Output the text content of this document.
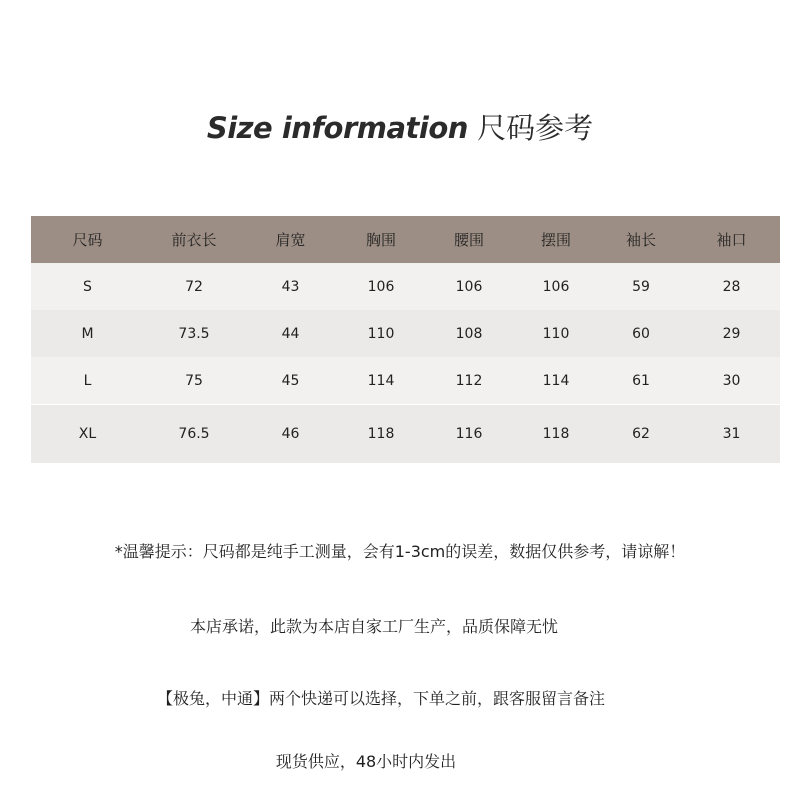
Size information 尺码参考
尺码	前衣长	肩宽	胸围	腰围	摆围	袖长	袖口
S	72	43	106	106	106	59	28
M	73.5	44	110	108	110	60	29
L	75	45	114	112	114	61	30
XL	76.5	46	118	116	118	62	31
*温馨提示：尺码都是纯手工测量，会有1-3cm的误差，数据仅供参考，请谅解！
本店承诺，此款为本店自家工厂生产，品质保障无忧
【极兔，中通】两个快递可以选择，下单之前，跟客服留言备注
现货供应，48小时内发出
